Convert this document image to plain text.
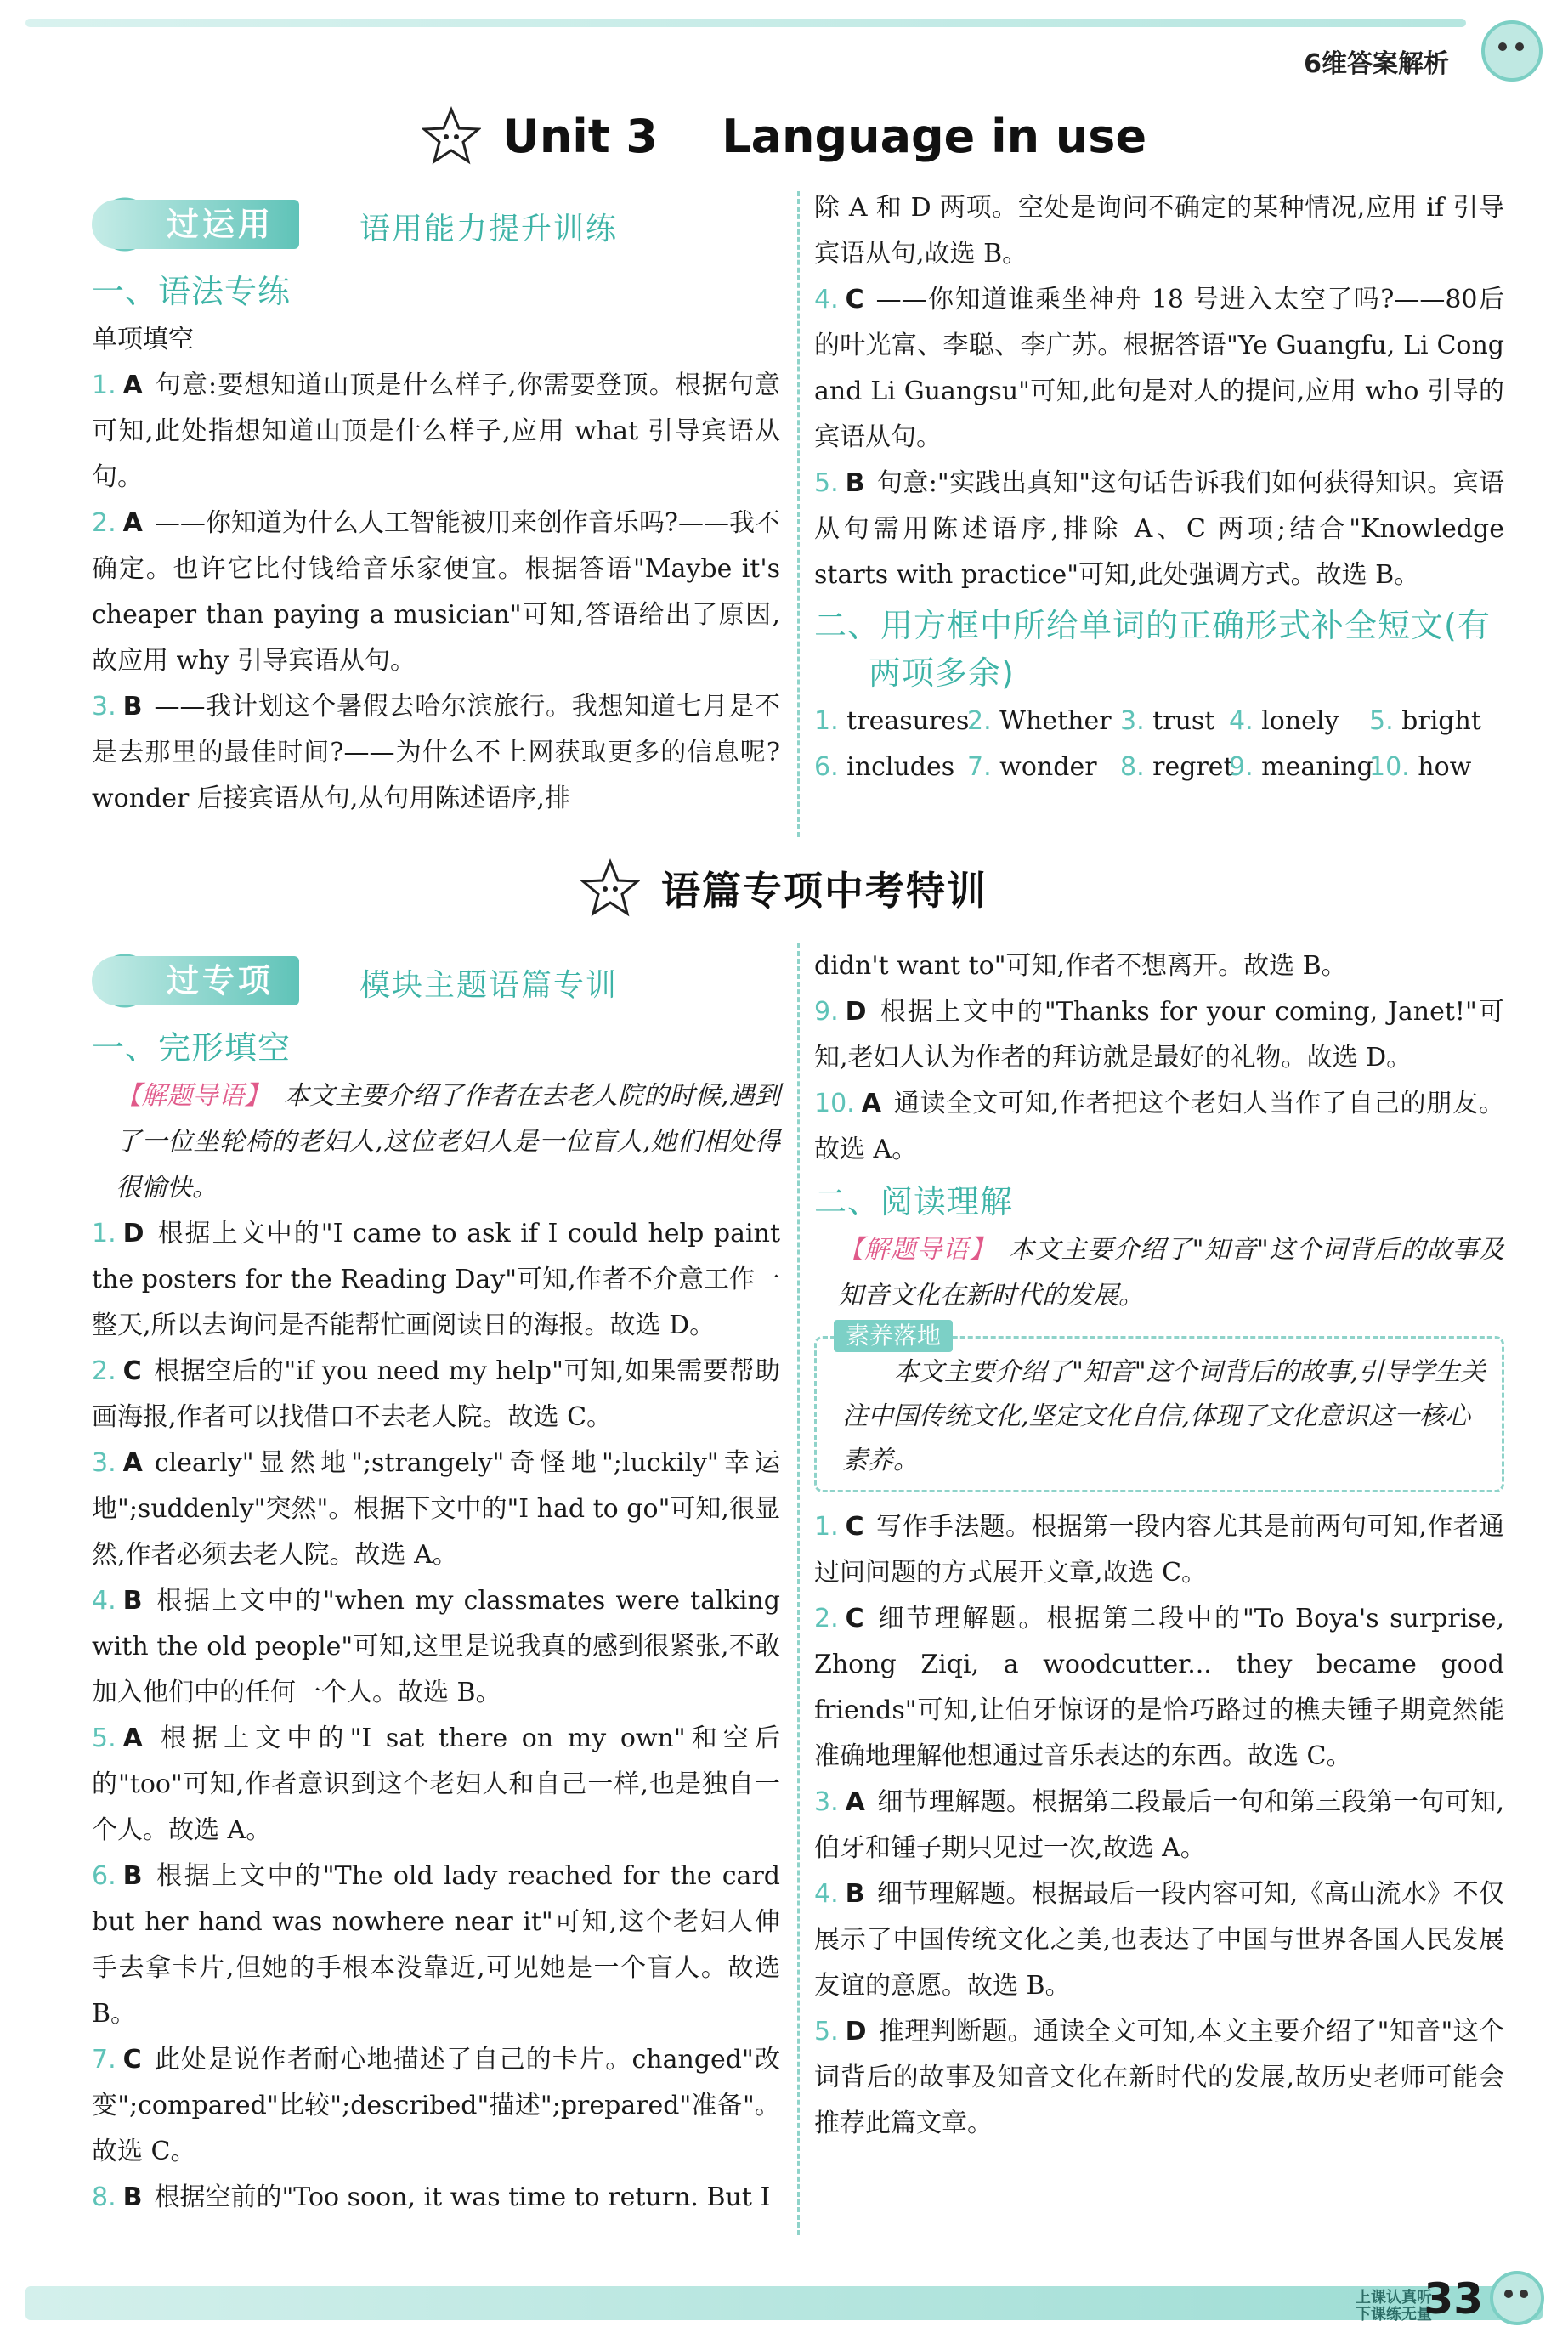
6维答案解析
Unit 3    Language in use
过运用	语用能力提升训练
一、语法专练
单项填空
1. A 句意:要想知道山顶是什么样子,你需要登顶。根据句意可知,此处指想知道山顶是什么样子,应用 what 引导宾语从句。
2. A ——你知道为什么人工智能被用来创作音乐吗?——我不确定。也许它比付钱给音乐家便宜。根据答语"Maybe it's cheaper than paying a musician"可知,答语给出了原因,故应用 why 引导宾语从句。
3. B ——我计划这个暑假去哈尔滨旅行。我想知道七月是不是去那里的最佳时间?——为什么不上网获取更多的信息呢? wonder 后接宾语从句,从句用陈述语序,排
除 A 和 D 两项。空处是询问不确定的某种情况,应用 if 引导宾语从句,故选 B。
4. C ——你知道谁乘坐神舟 18 号进入太空了吗?——80后的叶光富、李聪、李广苏。根据答语"Ye Guangfu, Li Cong and Li Guangsu"可知,此句是对人的提问,应用 who 引导的宾语从句。
5. B 句意:"实践出真知"这句话告诉我们如何获得知识。宾语从句需用陈述语序,排除 A、C 两项;结合"Knowledge starts with practice"可知,此处强调方式。故选 B。
二、用方框中所给单词的正确形式补全短文(有
两项多余)
1. treasures
2. Whether 3. trust 4. lonely	5. bright
6. includes 7. wonder 8. regret
9. meaning
10. how
语篇专项中考特训
过专项	模块主题语篇专训
一、完形填空
【解题导语】 本文主要介绍了作者在去老人院的时候,遇到了一位坐轮椅的老妇人,这位老妇人是一位盲人,她们相处得很愉快。
1. D 根据上文中的"I came to ask if I could help paint the posters for the Reading Day"可知,作者不介意工作一整天,所以去询问是否能帮忙画阅读日的海报。故选 D。
2. C 根据空后的"if you need my help"可知,如果需要帮助画海报,作者可以找借口不去老人院。故选 C。
3. A clearly"显然地";strangely"奇怪地";luckily"幸运地";suddenly"突然"。根据下文中的"I had to go"可知,很显然,作者必须去老人院。故选 A。
4. B 根据上文中的"when my classmates were talking with the old people"可知,这里是说我真的感到很紧张,不敢加入他们中的任何一个人。故选 B。
5. A 根据上文中的"I sat there on my own"和空后的"too"可知,作者意识到这个老妇人和自己一样,也是独自一个人。故选 A。
6. B 根据上文中的"The old lady reached for the card but her hand was nowhere near it"可知,这个老妇人伸手去拿卡片,但她的手根本没靠近,可见她是一个盲人。故选 B。
7. C 此处是说作者耐心地描述了自己的卡片。changed"改变";compared"比较";described"描述";prepared"准备"。故选 C。
8. B 根据空前的"Too soon, it was time to return. But I
didn't want to"可知,作者不想离开。故选 B。
9. D 根据上文中的"Thanks for your coming, Janet!"可知,老妇人认为作者的拜访就是最好的礼物。故选 D。
10. A 通读全文可知,作者把这个老妇人当作了自己的朋友。故选 A。
二、阅读理解
【解题导语】 本文主要介绍了"知音"这个词背后的故事及知音文化在新时代的发展。
素养落地
本文主要介绍了"知音"这个词背后的故事,引导学生关注中国传统文化,坚定文化自信,体现了文化意识这一核心素养。
1. C 写作手法题。根据第一段内容尤其是前两句可知,作者通过问问题的方式展开文章,故选 C。
2. C 细节理解题。根据第二段中的"To Boya's surprise, Zhong Ziqi, a woodcutter... they became good friends"可知,让伯牙惊讶的是恰巧路过的樵夫锺子期竟然能准确地理解他想通过音乐表达的东西。故选 C。
3. A 细节理解题。根据第二段最后一句和第三段第一句可知,伯牙和锺子期只见过一次,故选 A。
4. B 细节理解题。根据最后一段内容可知,《高山流水》不仅展示了中国传统文化之美,也表达了中国与世界各国人民发展友谊的意愿。故选 B。
5. D 推理判断题。通读全文可知,本文主要介绍了"知音"这个词背后的故事及知音文化在新时代的发展,故历史老师可能会推荐此篇文章。
上课认真听
下课练无量
33
